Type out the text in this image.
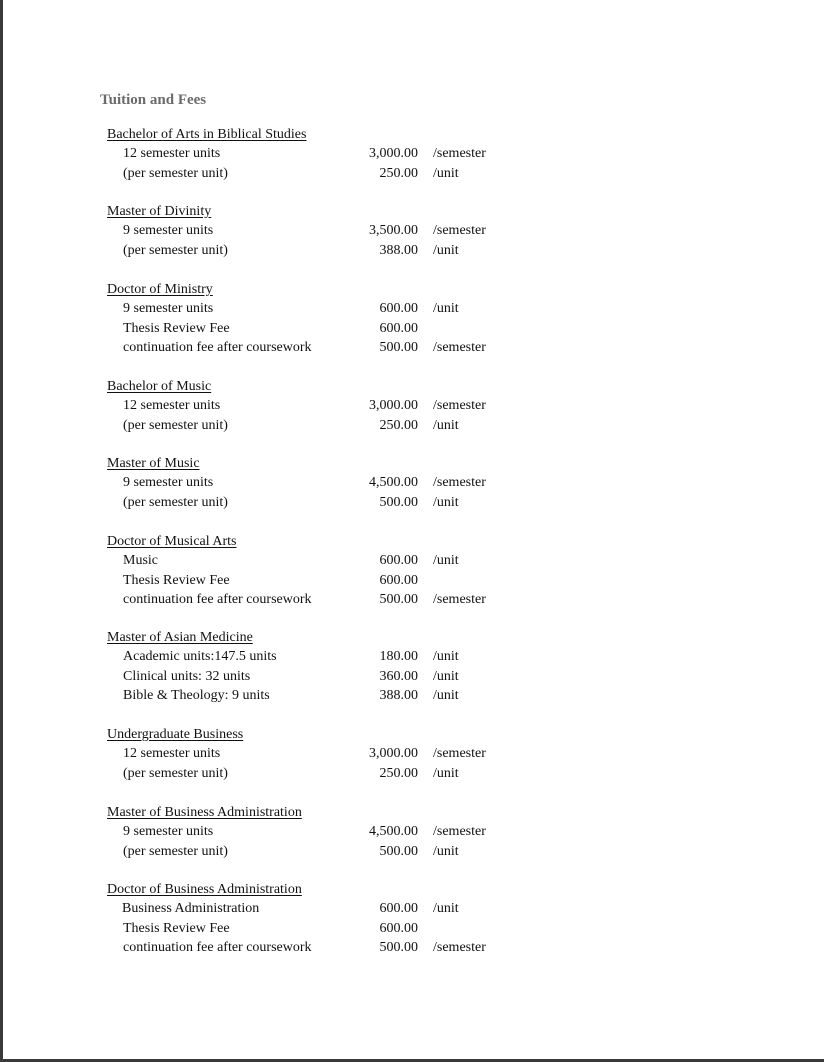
Tuition and Fees
Bachelor of Arts in Biblical Studies
12 semester units	3,000.00 /semester
(per semester unit)	250.00 /unit
Master of Divinity
9 semester units	3,500.00 /semester
(per semester unit)	388.00 /unit
Doctor of Ministry
9 semester units	600.00 /unit
Thesis Review Fee	600.00
continuation fee after coursework	500.00 /semester
Bachelor of Music
12 semester units	3,000.00 /semester
(per semester unit)	250.00 /unit
Master of Music
9 semester units	4,500.00 /semester
(per semester unit)	500.00 /unit
Doctor of Musical Arts
Music	600.00 /unit
Thesis Review Fee	600.00
continuation fee after coursework	500.00 /semester
Master of Asian Medicine
Academic units:147.5 units	180.00 /unit
Clinical units: 32 units	360.00 /unit
Bible & Theology: 9 units	388.00 /unit
Undergraduate Business
12 semester units	3,000.00 /semester
(per semester unit)	250.00 /unit
Master of Business Administration
9 semester units	4,500.00 /semester
(per semester unit)	500.00 /unit
Doctor of Business Administration
Business Administration	600.00 /unit
Thesis Review Fee	600.00
continuation fee after coursework	500.00 /semester
